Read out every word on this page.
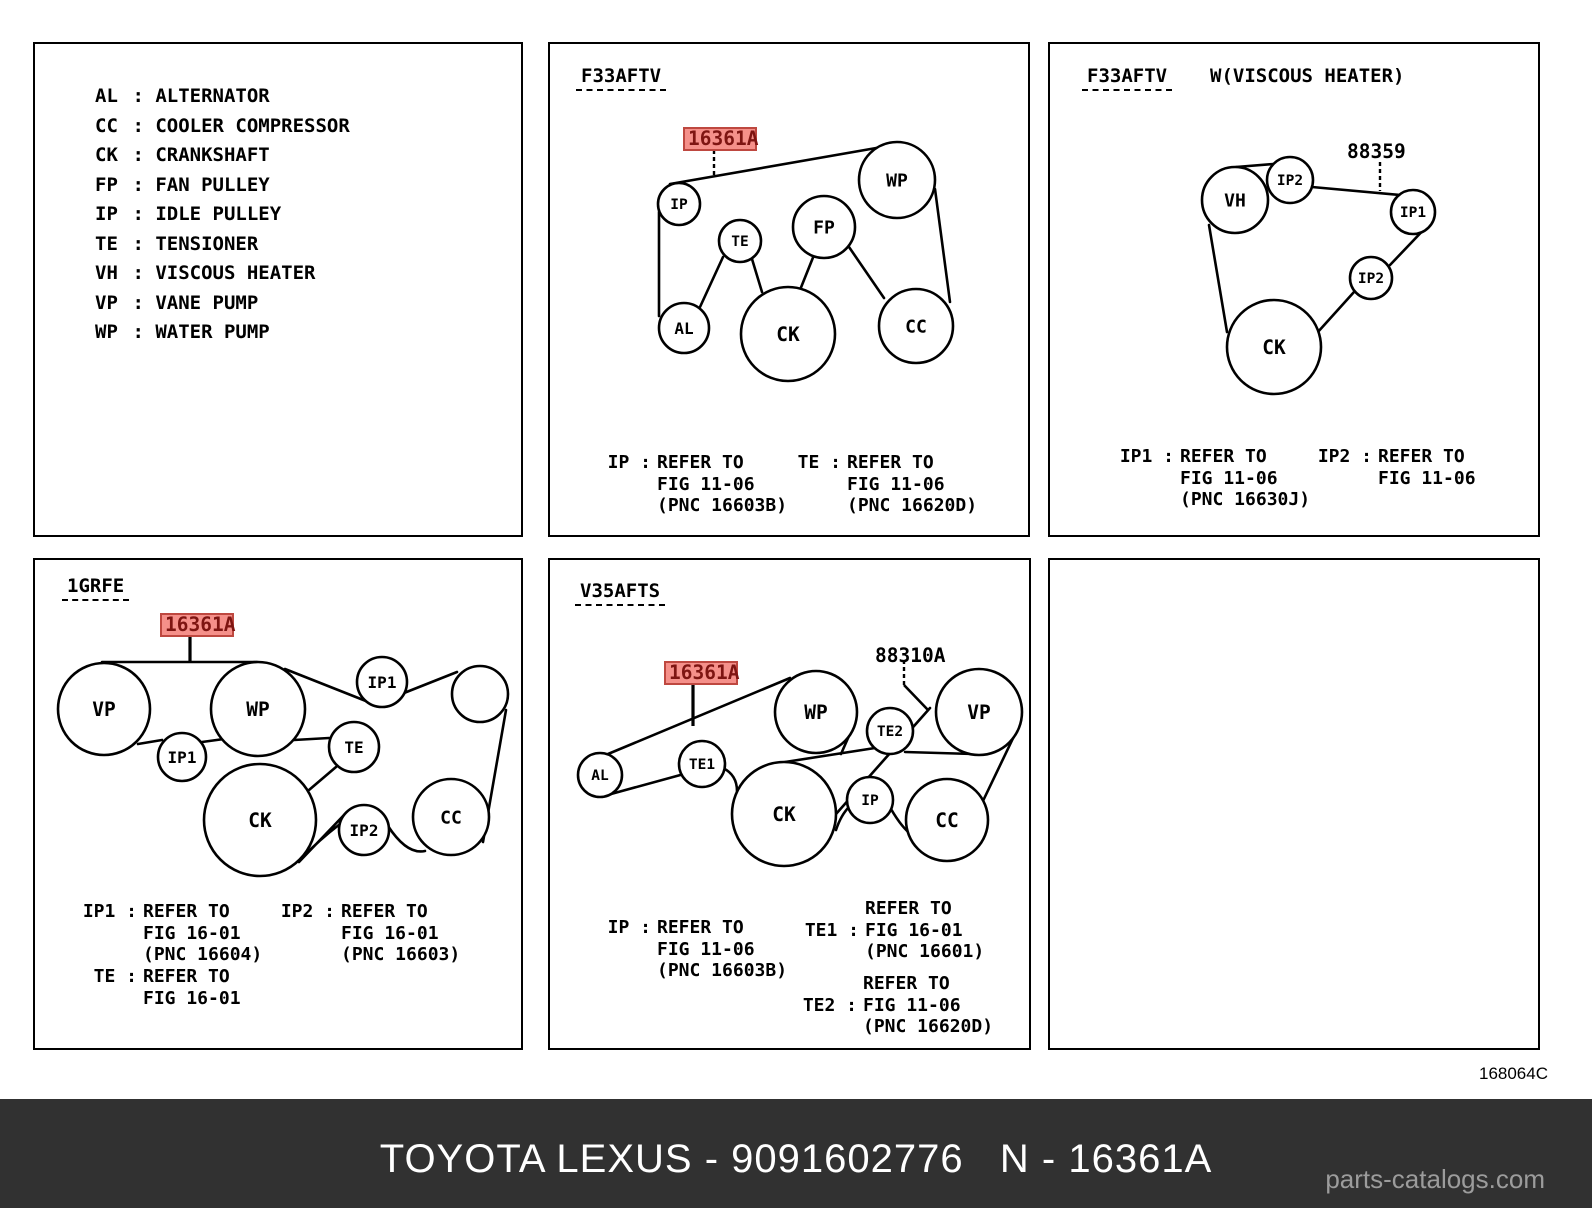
AL : ALTERNATOR
CC : COOLER COMPRESSOR
CK : CRANKSHAFT
FP : FAN PULLEY
IP : IDLE PULLEY
TE : TENSIONER
VH : VISCOUS HEATER
VP : VANE PUMP
WP : WATER PUMP
IP
TE
FP
WP
AL	CK	CC
F33AFTV
16361A
IP : REFER TO
FIG 11-06
(PNC 16603B)
TE : REFER TO
FIG 11-06
(PNC 16620D)
VH
IP2
IP1
IP2
CK
F33AFTV W(VISCOUS HEATER)
88359
IP1 : REFER TO
FIG 11-06
(PNC 16630J)
IP2 : REFER TO
FIG 11-06
VP
IP1
WP
IP1
TE
CK	IP2
CC
1GRFE
16361A
IP1 : REFER TO
FIG 16-01
(PNC 16604)
IP2 : REFER TO
FIG 16-01
(PNC 16603)
TE : REFER TO
FIG 16-01
AL
TE1
WP
TE2
VP
CK
IP
CC
V35AFTS
16361A
88310A
IP : REFER TO
FIG 11-06
(PNC 16603B)
REFER TO
TE1 : FIG 16-01
(PNC 16601)
REFER TO
TE2 : FIG 11-06
(PNC 16620D)
168064C
TOYOTA LEXUS - 9091602776   N - 16361A	parts-catalogs.com
